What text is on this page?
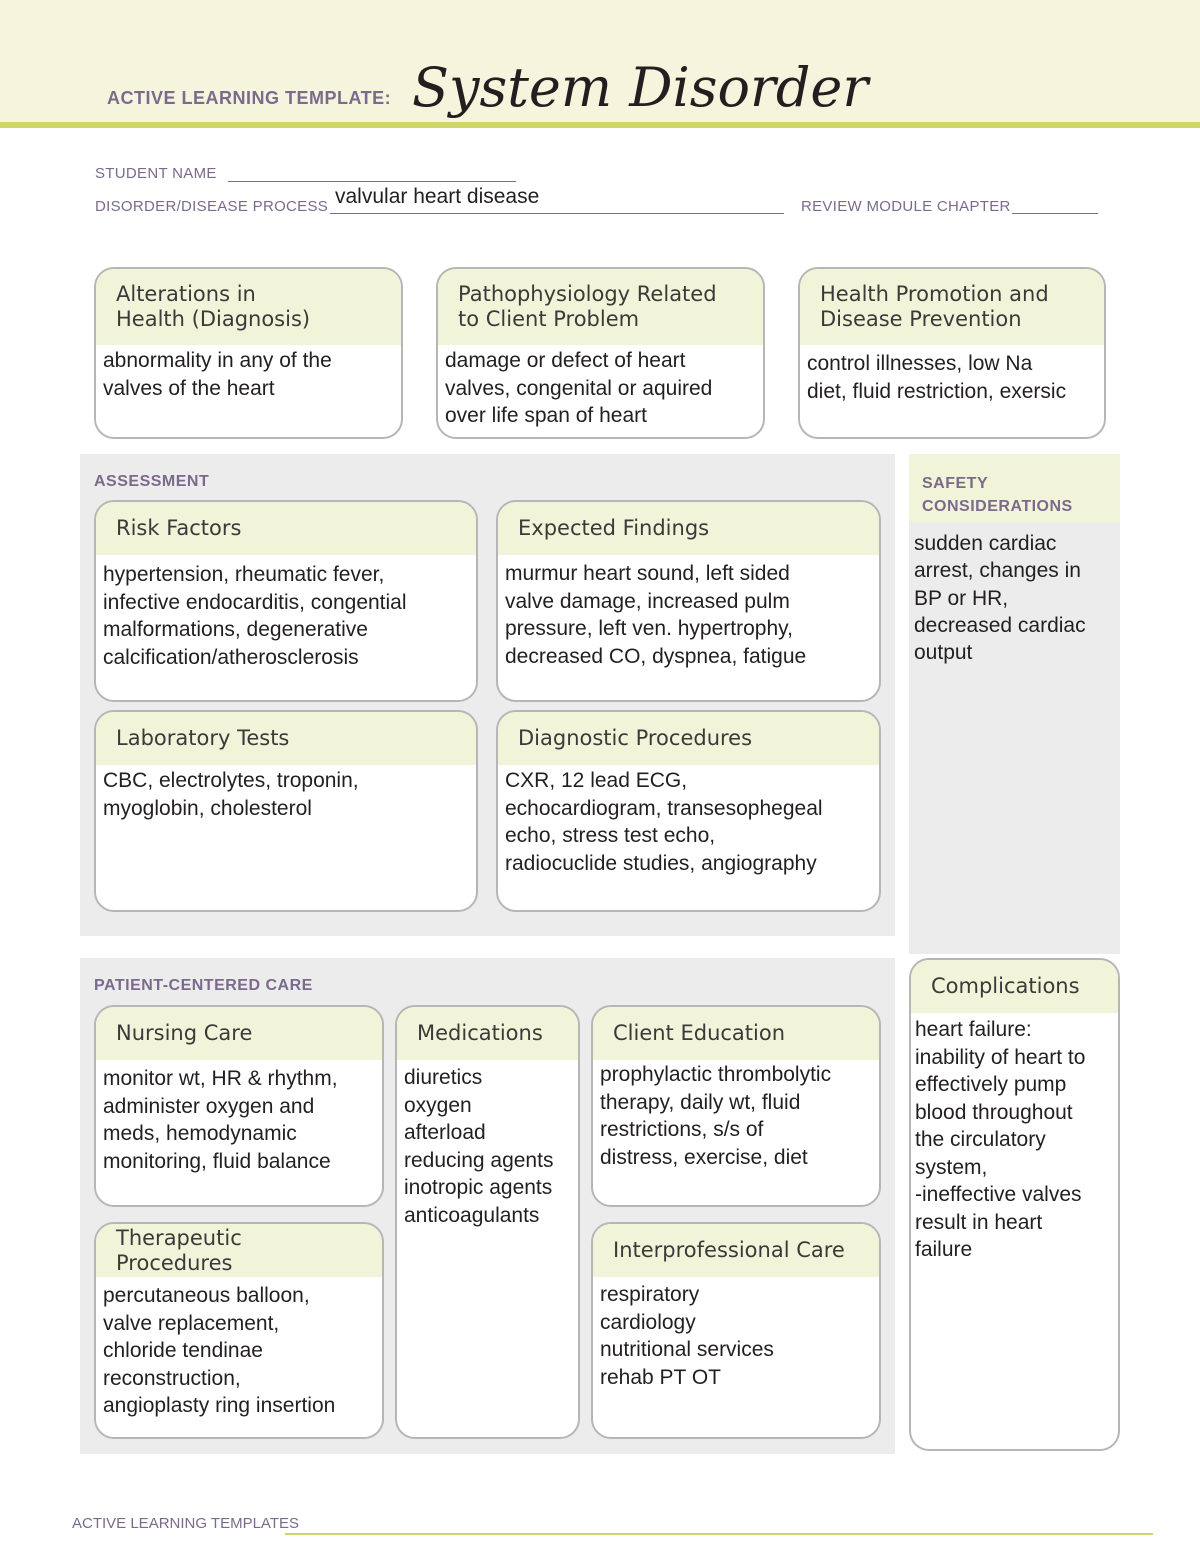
ACTIVE LEARNING TEMPLATE: System Disorder
STUDENT NAME
DISORDER/DISEASE PROCESS valvular heart disease	REVIEW MODULE CHAPTER
Alterations in
Health (Diagnosis)
abnormality in any of the
valves of the heart
Pathophysiology Related
to Client Problem
damage or defect of heart
valves, congenital or aquired
over life span of heart
Health Promotion and
Disease Prevention
control illnesses, low Na
diet, fluid restriction, exersic
ASSESSMENT
Risk Factors
hypertension, rheumatic fever,
infective endocarditis, congential
malformations, degenerative
calcification/atherosclerosis
Expected Findings
murmur heart sound, left sided
valve damage, increased pulm
pressure, left ven. hypertrophy,
decreased CO, dyspnea, fatigue
Laboratory Tests
CBC, electrolytes, troponin,
myoglobin, cholesterol
Diagnostic Procedures
CXR, 12 lead ECG,
echocardiogram, transesophegeal
echo, stress test echo,
radiocuclide studies, angiography
SAFETY
CONSIDERATIONS
sudden cardiac
arrest, changes in
BP or HR,
decreased cardiac
output
PATIENT-CENTERED CARE
Nursing Care
monitor wt, HR & rhythm,
administer oxygen and
meds, hemodynamic
monitoring, fluid balance
Medications
diuretics
oxygen
afterload
reducing agents
inotropic agents
anticoagulants
Client Education
prophylactic thrombolytic
therapy, daily wt, fluid
restrictions, s/s of
distress, exercise, diet
Therapeutic Procedures
percutaneous balloon,
valve replacement,
chloride tendinae
reconstruction,
angioplasty ring insertion
Interprofessional Care
respiratory
cardiology
nutritional services
rehab PT OT
Complications
heart failure:
inability of heart to
effectively pump
blood throughout
the circulatory
system,
-ineffective valves
result in heart
failure
ACTIVE LEARNING TEMPLATES
